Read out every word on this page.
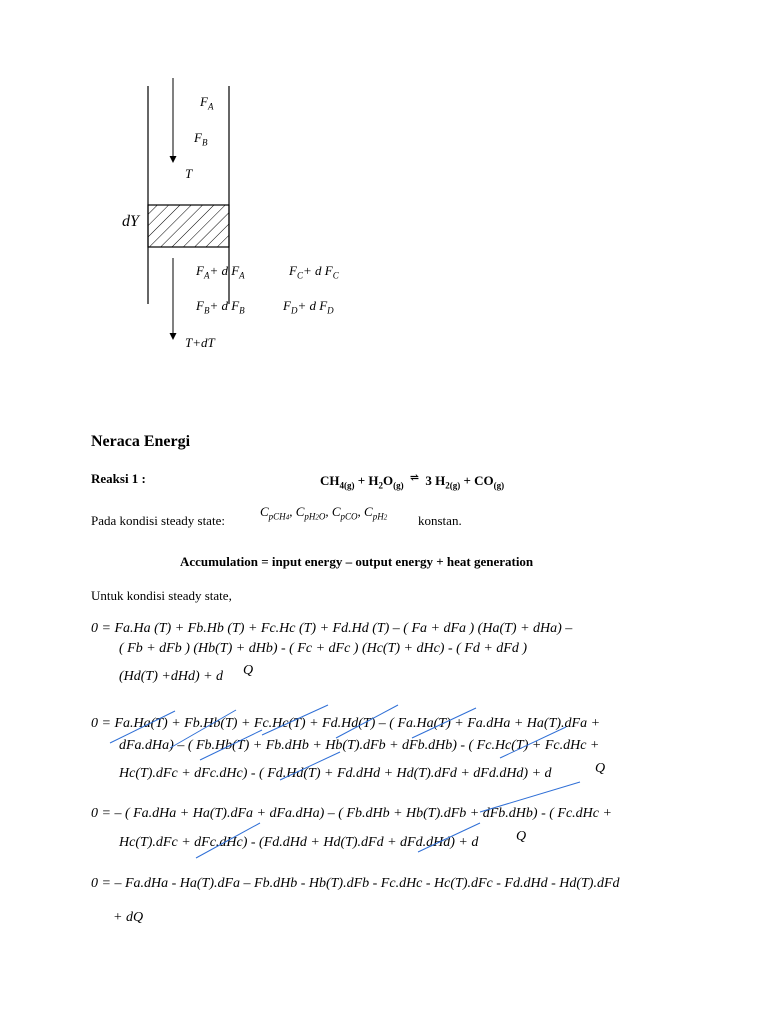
$F_A$
$F_B$
T
dY
$F_A+ d$ $F_A$	$F_C+ d$ $F_C$
$F_B+ d$ $F_B$	$F_D+ d$ $F_D$
T+dT
Neraca Energi
Reaksi 1 :	$CH_{4(g)} + H_2O_{(g)}$ ⇌ 3 $H_{2(g)} + CO_{(g)}$
Pada kondisi steady state:
$C_{pCH4}$, $C_{pH2O}$, $C_{pCO}$, $C_{pH2}$ konstan.
Accumulation = input energy – output energy + heat generation
Untuk kondisi steady state,
0 = Fa.Ha (T) + Fb.Hb (T) + Fc.Hc (T) + Fd.Hd (T) – ( Fa + dFa ) (Ha(T) + dHa) –
( Fb + dFb ) (Hb(T) + dHb) - ( Fc + dFc ) (Hc(T) + dHc) - ( Fd + dFd )
(Hd(T) +dHd) + d Q
0 = Fa.Ha(T) + Fb.Hb(T) + Fc.Hc(T) + Fd.Hd(T) – ( Fa.Ha(T) + Fa.dHa + Ha(T).dFa +
dFa.dHa) – ( Fb.Hb(T) + Fb.dHb + Hb(T).dFb + dFb.dHb) - ( Fc.Hc(T) + Fc.dHc +
Hc(T).dFc + dFc.dHc) - ( Fd.Hd(T) + Fd.dHd + Hd(T).dFd + dFd.dHd) + d	Q
0 = – ( Fa.dHa + Ha(T).dFa + dFa.dHa) – ( Fb.dHb + Hb(T).dFb + dFb.dHb) - ( Fc.dHc +
Hc(T).dFc + dFc.dHc) - (Fd.dHd + Hd(T).dFd + dFd.dHd) + d	Q
0 = – Fa.dHa - Ha(T).dFa – Fb.dHb - Hb(T).dFb - Fc.dHc - Hc(T).dFc - Fd.dHd - Hd(T).dFd
+ dQ
